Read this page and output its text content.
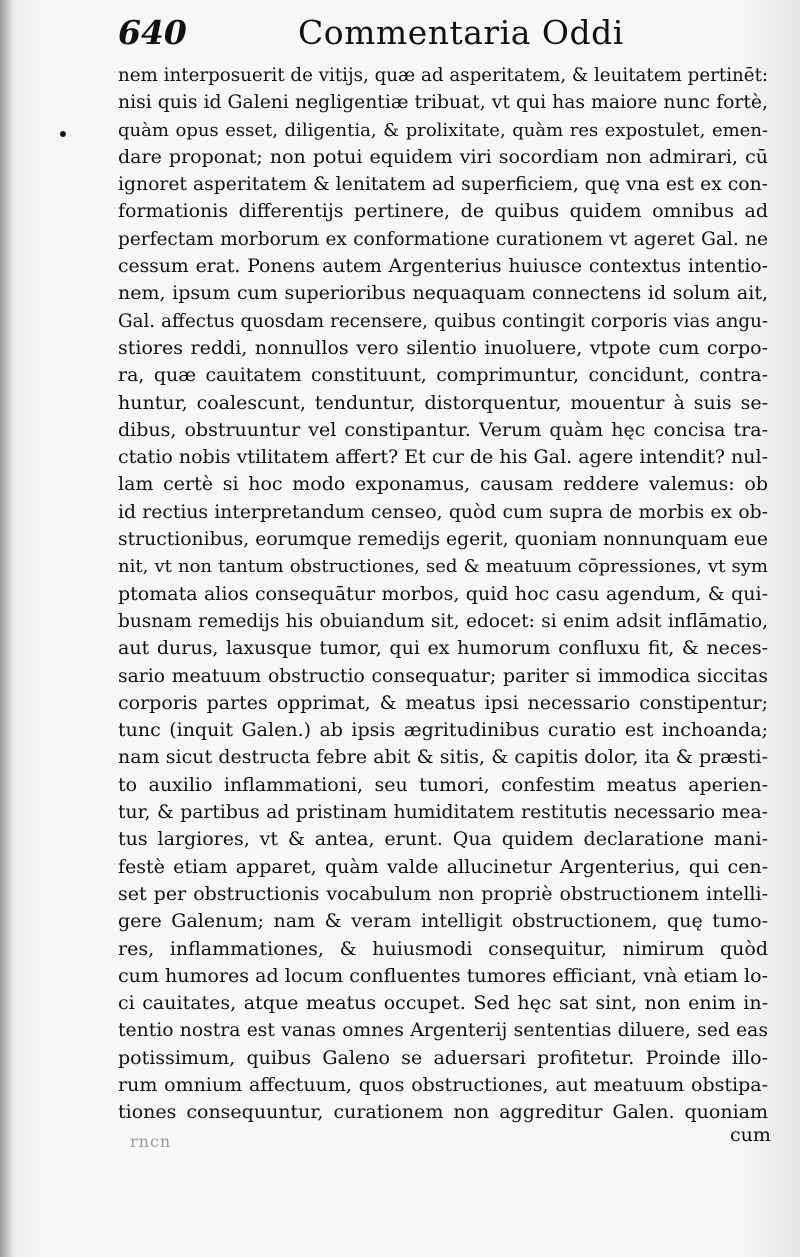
640	Commentaria Oddi
nem interposuerit de vitijs, quæ ad asperitatem, & leuitatem pertinēt:
nisi quis id Galeni negligentiæ tribuat, vt qui has maiore nunc fortè,
quàm opus esset, diligentia, & prolixitate, quàm res expostulet, emen-
dare proponat; non potui equidem viri socordiam non admirari, cū
ignoret asperitatem & lenitatem ad superficiem, quę vna est ex con-
formationis differentijs pertinere, de quibus quidem omnibus ad
perfectam morborum ex conformatione curationem vt ageret Gal. ne
cessum erat. Ponens autem Argenterius huiusce contextus intentio-
nem, ipsum cum superioribus nequaquam connectens id solum ait,
Gal. affectus quosdam recensere, quibus contingit corporis vias angu-
stiores reddi, nonnullos vero silentio inuoluere, vtpote cum corpo-
ra, quæ cauitatem constituunt, comprimuntur, concidunt, contra-
huntur, coalescunt, tenduntur, distorquentur, mouentur à suis se-
dibus, obstruuntur vel constipantur. Verum quàm hęc concisa tra-
ctatio nobis vtilitatem affert? Et cur de his Gal. agere intendit? nul-
lam certè si hoc modo exponamus, causam reddere valemus: ob
id rectius interpretandum censeo, quòd cum supra de morbis ex ob-
structionibus, eorumque remedijs egerit, quoniam nonnunquam eue
nit, vt non tantum obstructiones, sed & meatuum cōpressiones, vt sym
ptomata alios consequātur morbos, quid hoc casu agendum, & qui-
busnam remedijs his obuiandum sit, edocet: si enim adsit inflāmatio,
aut durus, laxusque tumor, qui ex humorum confluxu fit, & neces-
sario meatuum obstructio consequatur; pariter si immodica siccitas
corporis partes opprimat, & meatus ipsi necessario constipentur;
tunc (inquit Galen.) ab ipsis ægritudinibus curatio est inchoanda;
nam sicut destructa febre abit & sitis, & capitis dolor, ita & præsti-
to auxilio inflammationi, seu tumori, confestim meatus aperien-
tur, & partibus ad pristinam humiditatem restitutis necessario mea-
tus largiores, vt & antea, erunt. Qua quidem declaratione mani-
festè etiam apparet, quàm valde allucinetur Argenterius, qui cen-
set per obstructionis vocabulum non propriè obstructionem intelli-
gere Galenum; nam & veram intelligit obstructionem, quę tumo-
res, inflammationes, & huiusmodi consequitur, nimirum quòd
cum humores ad locum confluentes tumores efficiant, vnà etiam lo-
ci cauitates, atque meatus occupet. Sed hęc sat sint, non enim in-
tentio nostra est vanas omnes Argenterij sententias diluere, sed eas
potissimum, quibus Galeno se aduersari profitetur. Proinde illo-
rum omnium affectuum, quos obstructiones, aut meatuum obstipa-
tiones consequuntur, curationem non aggreditur Galen. quoniam
cum
rncn
